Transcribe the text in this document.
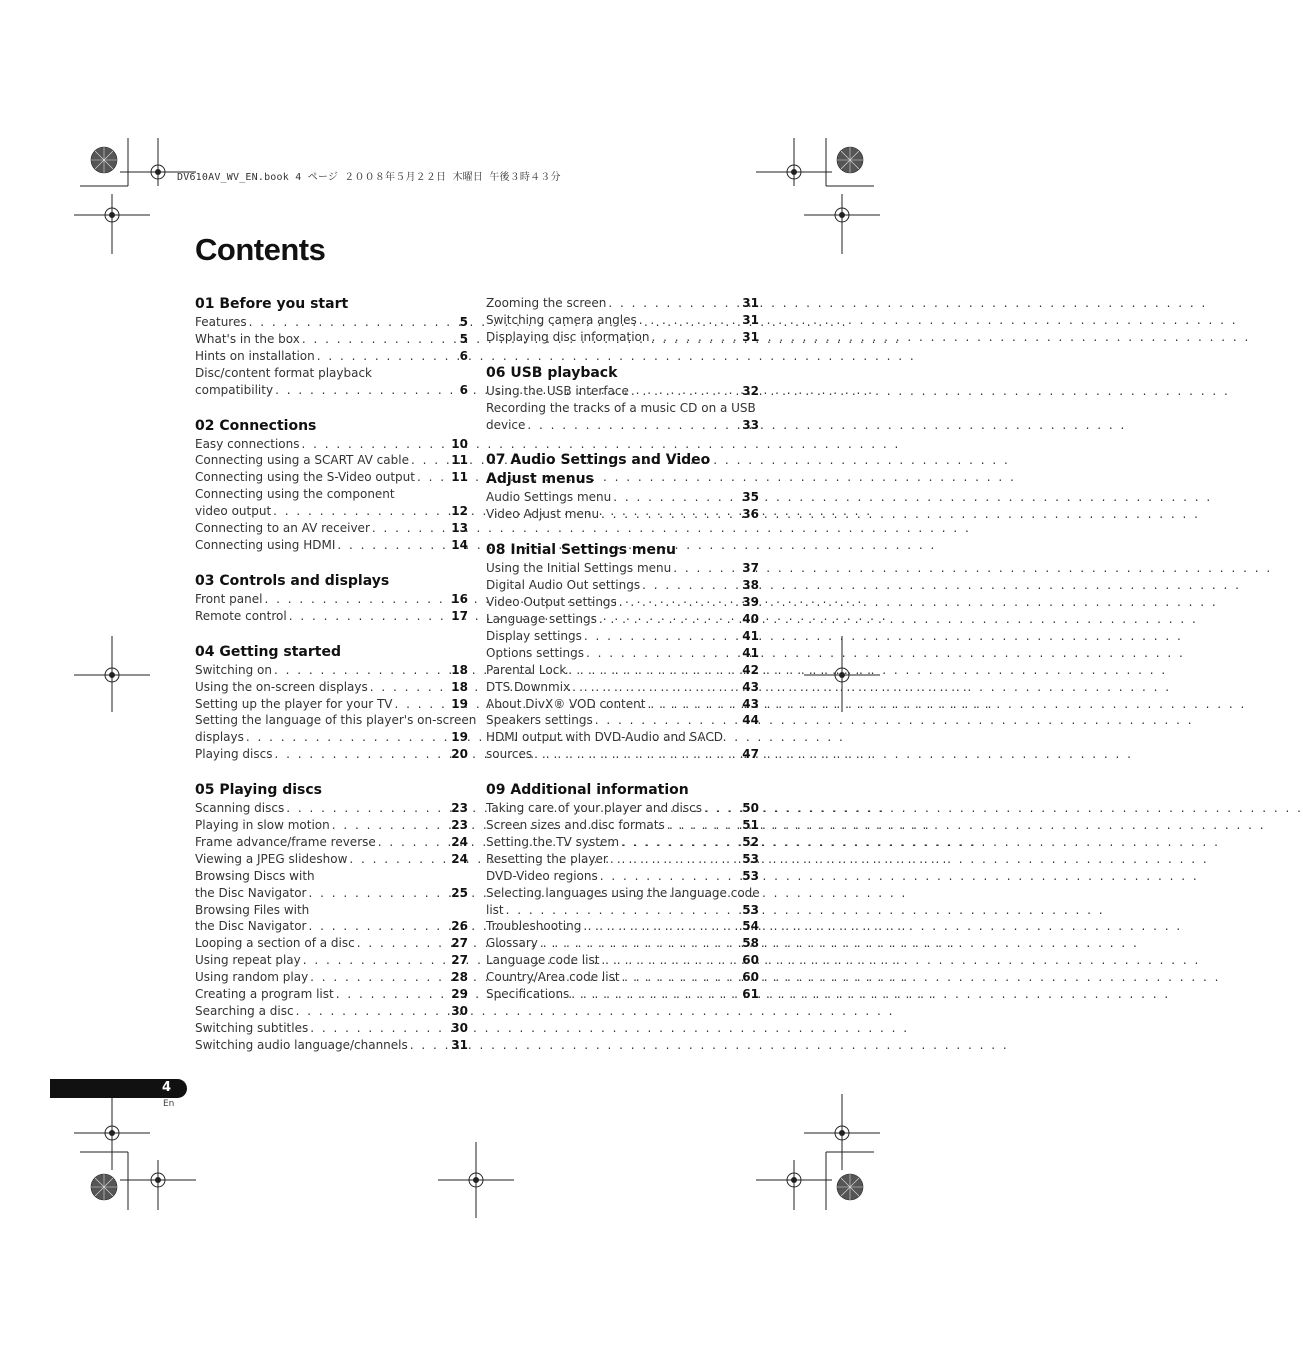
DV610AV_WV_EN.book 4 ページ ２００８年５月２２日 木曜日 午後３時４３分
Contents
01 Before you start
Features . . .	5
What's in the box . . .	5
Hints on installation . . .	6
Disc/content format playback
compatibility . . .	6
02 Connections
Easy connections . . .	10
Connecting using a SCART AV cable . . .	11
Connecting using the S-Video output . . .	11
Connecting using the component
video output . . .	12
Connecting to an AV receiver . . .	13
Connecting using HDMI . . .	14
03 Controls and displays
Front panel . . .	16
Remote control . . .	17
04 Getting started
Switching on . . .	18
Using the on-screen displays . . .	18
Setting up the player for your TV . . .	19
Setting the language of this player's on-screen
displays . . .	19
Playing discs . . .	20
05 Playing discs
Scanning discs . . .	23
Playing in slow motion . . .	23
Frame advance/frame reverse . . .	24
Viewing a JPEG slideshow . . .	24
Browsing Discs with
the Disc Navigator . . .	25
Browsing Files with
the Disc Navigator . . .	26
Looping a section of a disc . . .	27
Using repeat play . . .	27
Using random play . . .	28
Creating a program list . . .	29
Searching a disc . . .	30
Switching subtitles . . .	30
Switching audio language/channels . . .	31
Zooming the screen . . .	31
Switching camera angles . . .	31
Displaying disc information . . .	31
06 USB playback
Using the USB interface . . .	32
Recording the tracks of a music CD on a USB
device . . .	33
07 Audio Settings and Video Adjust menus
Audio Settings menu . . .	35
Video Adjust menu . . .	36
08 Initial Settings menu
Using the Initial Settings menu . . .	37
Digital Audio Out settings . . .	38
Video Output settings . . .	39
Language settings . . .	40
Display settings . . .	41
Options settings . . .	41
Parental Lock . . .	42
DTS Downmix . . .	43
About DivX® VOD content . . .	43
Speakers settings . . .	44
HDMI output with DVD-Audio and SACD
sources . . .	47
09 Additional information
Taking care of your player and discs . . .	50
Screen sizes and disc formats . . .	51
Setting the TV system . . .	52
Resetting the player . . .	53
DVD-Video regions . . .	53
Selecting languages using the language code
list . . .	53
Troubleshooting . . .	54
Glossary . . .	58
Language code list . . .	60
Country/Area code list . . .	60
Specifications . . .	61
4
En
